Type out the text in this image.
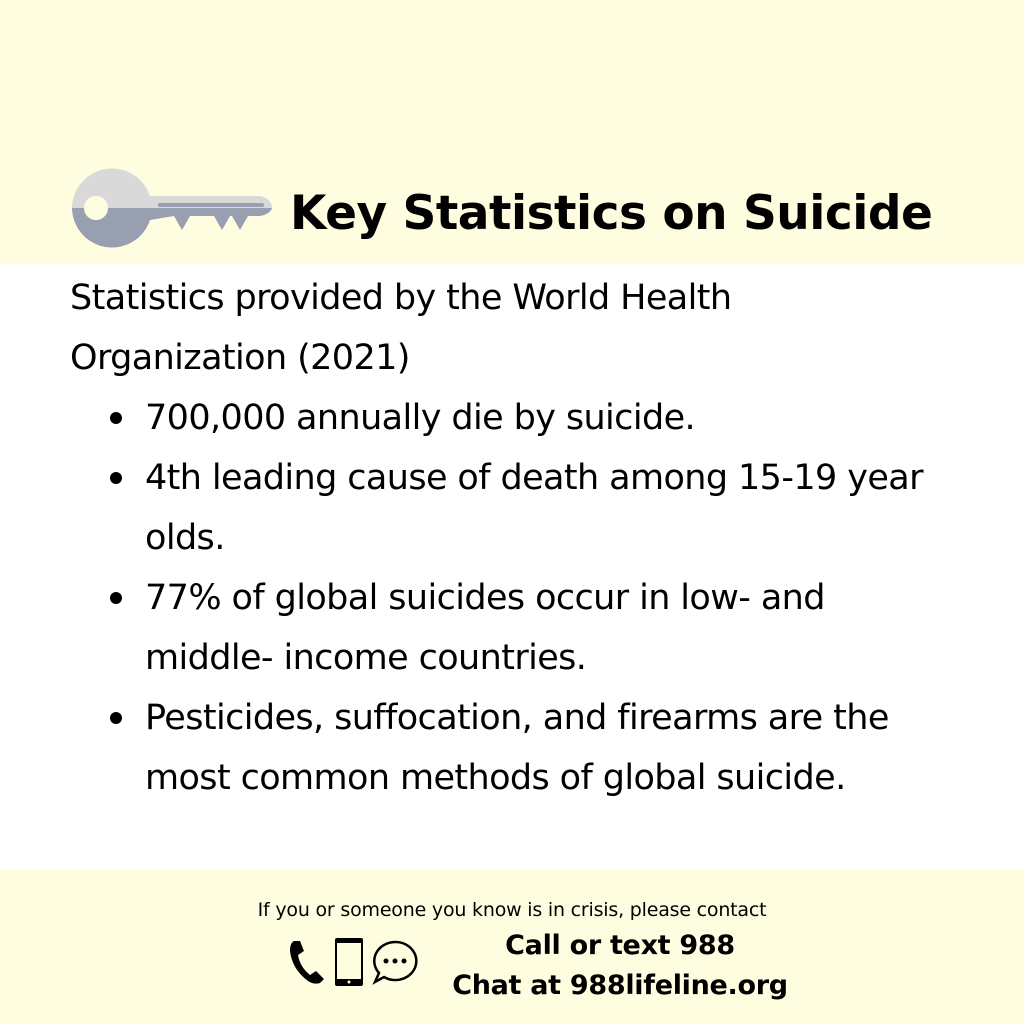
Key Statistics on Suicide
Statistics provided by the World Health Organization (2021)
700,000 annually die by suicide.
4th leading cause of death among 15-19 year olds.
77% of global suicides occur in low- and middle- income countries.
Pesticides, suffocation, and firearms are the most common methods of global suicide.
If you or someone you know is in crisis, please contact
Call or text 988
Chat at 988lifeline.org
